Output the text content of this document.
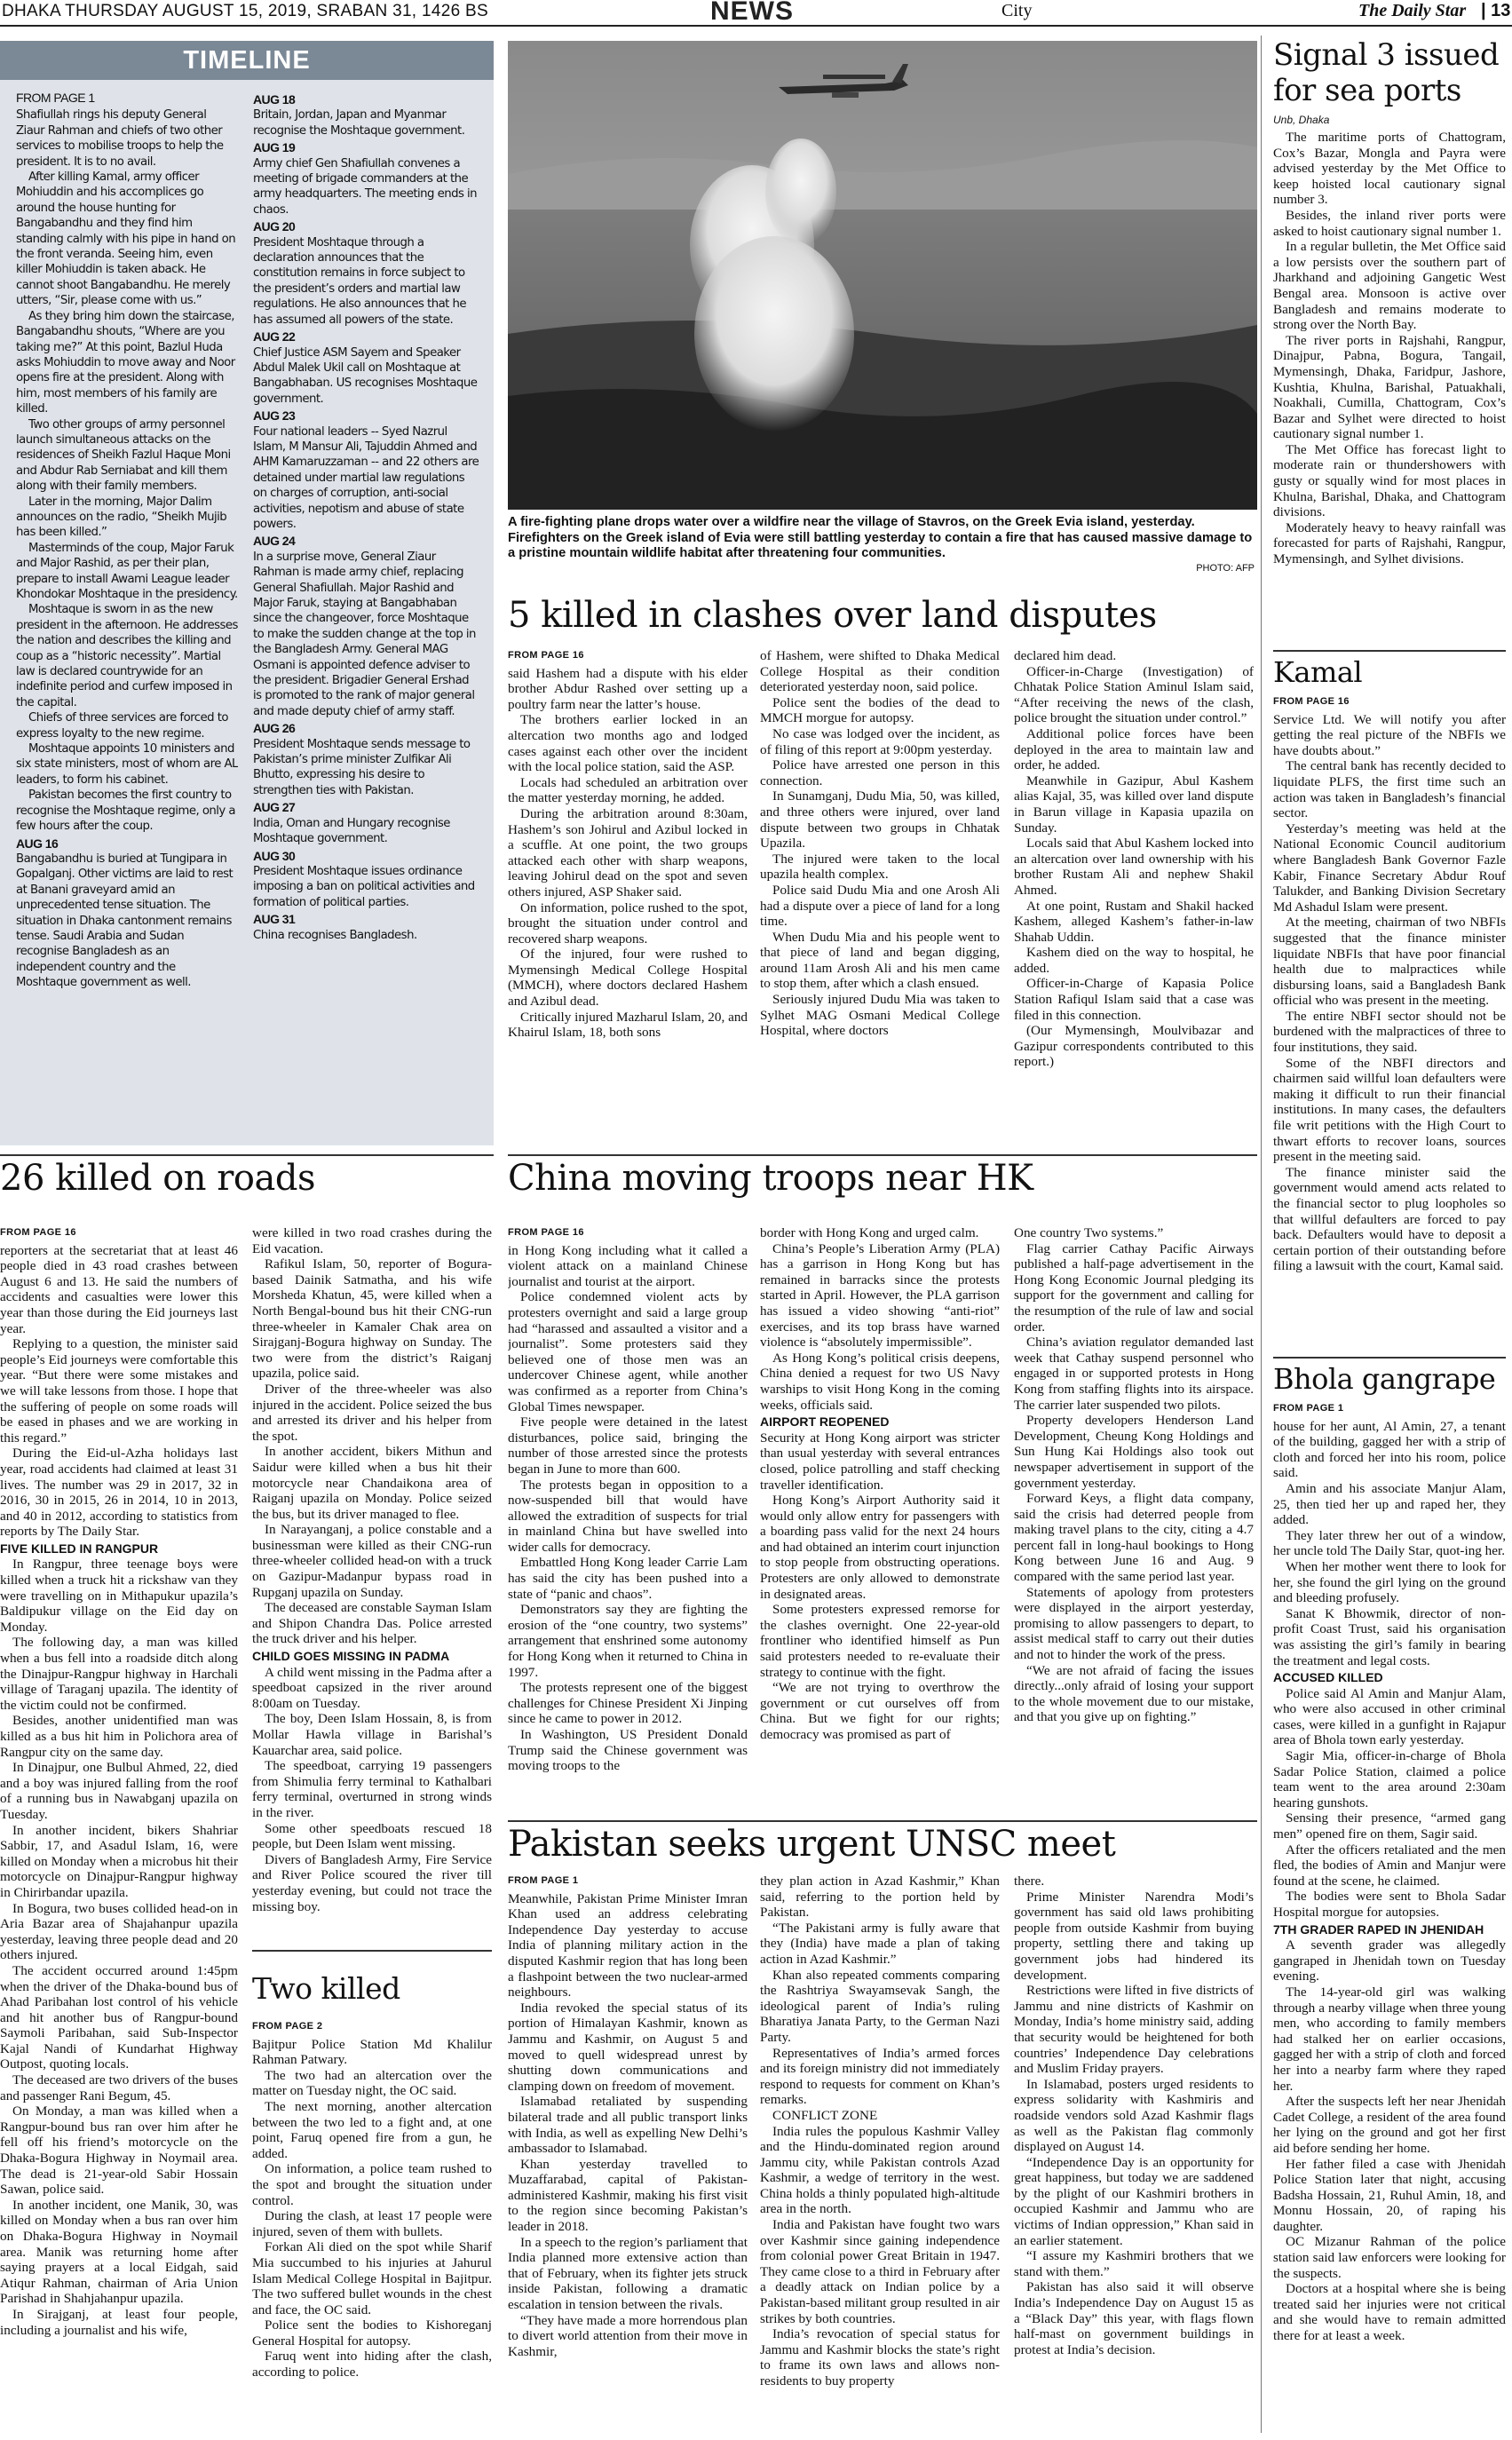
DHAKA THURSDAY AUGUST 15, 2019, SRABAN 31, 1426 BS	NEWS	City	The Daily Star | 13
TIMELINE
FROM PAGE 1
Shafiullah rings his deputy General Ziaur Rahman and chiefs of two other services to mobilise troops to help the president. It is to no avail.
After killing Kamal, army officer Mohiuddin and his accomplices go around the house hunting for Bangabandhu and they find him standing calmly with his pipe in hand on the front veranda. Seeing him, even killer Mohiuddin is taken aback. He cannot shoot Bangabandhu. He merely utters, “Sir, please come with us.”
As they bring him down the staircase, Bangabandhu shouts, “Where are you taking me?” At this point, Bazlul Huda asks Mohiuddin to move away and Noor opens fire at the president. Along with him, most members of his family are killed.
Two other groups of army personnel launch simultaneous attacks on the residences of Sheikh Fazlul Haque Moni and Abdur Rab Serniabat and kill them along with their family members.
Later in the morning, Major Dalim announces on the radio, “Sheikh Mujib has been killed.”
Masterminds of the coup, Major Faruk and Major Rashid, as per their plan, prepare to install Awami League leader Khondokar Moshtaque in the presidency.
Moshtaque is sworn in as the new president in the afternoon. He addresses the nation and describes the killing and coup as a “historic necessity”. Martial law is declared countrywide for an indefinite period and curfew imposed in the capital.
Chiefs of three services are forced to express loyalty to the new regime.
Moshtaque appoints 10 ministers and six state ministers, most of whom are AL leaders, to form his cabinet.
Pakistan becomes the first country to recognise the Moshtaque regime, only a few hours after the coup.
AUG 16
Bangabandhu is buried at Tungipara in Gopalganj. Other victims are laid to rest at Banani graveyard amid an unprecedented tense situation. The situation in Dhaka cantonment remains tense. Saudi Arabia and Sudan recognise Bangladesh as an independent country and the Moshtaque government as well.
AUG 18
Britain, Jordan, Japan and Myanmar recognise the Moshtaque government.
AUG 19
Army chief Gen Shafiullah convenes a meeting of brigade commanders at the army headquarters. The meeting ends in chaos.
AUG 20
President Moshtaque through a declaration announces that the constitution remains in force subject to the president’s orders and martial law regulations. He also announces that he has assumed all powers of the state.
AUG 22
Chief Justice ASM Sayem and Speaker Abdul Malek Ukil call on Moshtaque at Bangabhaban. US recognises Moshtaque government.
AUG 23
Four national leaders -- Syed Nazrul Islam, M Mansur Ali, Tajuddin Ahmed and AHM Kamaruzzaman -- and 22 others are detained under martial law regulations on charges of corruption, anti-social activities, nepotism and abuse of state powers.
AUG 24
In a surprise move, General Ziaur Rahman is made army chief, replacing General Shafiullah. Major Rashid and Major Faruk, staying at Bangabhaban since the changeover, force Moshtaque to make the sudden change at the top in the Bangladesh Army. General MAG Osmani is appointed defence adviser to the president. Brigadier General Ershad is promoted to the rank of major general and made deputy chief of army staff.
AUG 26
President Moshtaque sends message to Pakistan’s prime minister Zulfikar Ali Bhutto, expressing his desire to strengthen ties with Pakistan.
AUG 27
India, Oman and Hungary recognise Moshtaque government.
AUG 30
President Moshtaque issues ordinance imposing a ban on political activities and formation of political parties.
AUG 31
China recognises Bangladesh.
A fire-fighting plane drops water over a wildfire near the village of Stavros, on the Greek Evia island, yesterday. Firefighters on the Greek island of Evia were still battling yesterday to contain a fire that has caused massive damage to a pristine mountain wildlife habitat after threatening four communities.
PHOTO: AFP
Signal 3 issued
for sea ports
Unb, Dhaka
The maritime ports of Chattogram, Cox’s Bazar, Mongla and Payra were advised yesterday by the Met Office to keep hoisted local cautionary signal number 3.
Besides, the inland river ports were asked to hoist cautionary signal number 1.
In a regular bulletin, the Met Office said a low persists over the southern part of Jharkhand and adjoining Gangetic West Bengal area. Monsoon is active over Bangladesh and remains moderate to strong over the North Bay.
The river ports in Rajshahi, Rangpur, Dinajpur, Pabna, Bogura, Tangail, Mymensingh, Dhaka, Faridpur, Jashore, Kushtia, Khulna, Barishal, Patuakhali, Noakhali, Cumilla, Chattogram, Cox’s Bazar and Sylhet were directed to hoist cautionary signal number 1.
The Met Office has forecast light to moderate rain or thundershowers with gusty or squally wind for most places in Khulna, Barishal, Dhaka, and Chattogram divisions.
Moderately heavy to heavy rainfall was forecasted for parts of Rajshahi, Rangpur, Mymensingh, and Sylhet divisions.
Kamal
FROM PAGE 16
Service Ltd. We will notify you after getting the real picture of the NBFIs we have doubts about.”
The central bank has recently decided to liquidate PLFS, the first time such an action was taken in Bangladesh’s financial sector.
Yesterday’s meeting was held at the National Economic Council auditorium where Bangladesh Bank Governor Fazle Kabir, Finance Secretary Abdur Rouf Talukder, and Banking Division Secretary Md Ashadul Islam were present.
At the meeting, chairman of two NBFIs suggested that the finance minister liquidate NBFIs that have poor financial health due to malpractices while disbursing loans, said a Bangladesh Bank official who was present in the meeting.
The entire NBFI sector should not be burdened with the malpractices of three to four institutions, they said.
Some of the NBFI directors and chairmen said willful loan defaulters were making it difficult to run their financial institutions. In many cases, the defaulters file writ petitions with the High Court to thwart efforts to recover loans, sources present in the meeting said.
The finance minister said the government would amend acts related to the financial sector to plug loopholes so that willful defaulters are forced to pay back. Defaulters would have to deposit a certain portion of their outstanding before filing a lawsuit with the court, Kamal said.
Bhola gangrape
FROM PAGE 1
house for her aunt, Al Amin, 27, a tenant of the building, gagged her with a strip of cloth and forced her into his room, police said.
Amin and his associate Manjur Alam, 25, then tied her up and raped her, they added.
They later threw her out of a window, her uncle told The Daily Star, quot-ing her.
When her mother went there to look for her, she found the girl lying on the ground and bleeding profusely.
Sanat K Bhowmik, director of non-profit Coast Trust, said his organisation was assisting the girl’s family in bearing the treatment and legal costs.
ACCUSED KILLED
Police said Al Amin and Manjur Alam, who were also accused in other criminal cases, were killed in a gunfight in Rajapur area of Bhola town early yesterday.
Sagir Mia, officer-in-charge of Bhola Sadar Police Station, claimed a police team went to the area around 2:30am hearing gunshots.
Sensing their presence, “armed gang men” opened fire on them, Sagir said.
After the officers retaliated and the men fled, the bodies of Amin and Manjur were found at the scene, he claimed.
The bodies were sent to Bhola Sadar Hospital morgue for autopsies.
7TH GRADER RAPED IN JHENIDAH
A seventh grader was allegedly gangraped in Jhenidah town on Tuesday evening.
The 14-year-old girl was walking through a nearby village when three young men, who according to family members had stalked her on earlier occasions, gagged her with a strip of cloth and forced her into a nearby farm where they raped her.
After the suspects left her near Jhenidah Cadet College, a resident of the area found her lying on the ground and got her first aid before sending her home.
Her father filed a case with Jhenidah Police Station later that night, accusing Badsha Hossain, 21, Ruhul Amin, 18, and Monnu Hossain, 20, of raping his daughter.
OC Mizanur Rahman of the police station said law enforcers were looking for the suspects.
Doctors at a hospital where she is being treated said her injuries were not critical and she would have to remain admitted there for at least a week.
5 killed in clashes over land disputes
FROM PAGE 16
said Hashem had a dispute with his elder brother Abdur Rashed over setting up a poultry farm near the latter’s house.
The brothers earlier locked in an altercation two months ago and lodged cases against each other over the incident with the local police station, said the ASP.
Locals had scheduled an arbitration over the matter yesterday morning, he added.
During the arbitration around 8:30am, Hashem’s son Johirul and Azibul locked in a scuffle. At one point, the two groups attacked each other with sharp weapons, leaving Johirul dead on the spot and seven others injured, ASP Shaker said.
On information, police rushed to the spot, brought the situation under control and recovered sharp weapons.
Of the injured, four were rushed to Mymensingh Medical College Hospital (MMCH), where doctors declared Hashem and Azibul dead.
Critically injured Mazharul Islam, 20, and Khairul Islam, 18, both sons
of Hashem, were shifted to Dhaka Medical College Hospital as their condition deteriorated yesterday noon, said police.
Police sent the bodies of the dead to MMCH morgue for autopsy.
No case was lodged over the incident, as of filing of this report at 9:00pm yesterday.
Police have arrested one person in this connection.
In Sunamganj, Dudu Mia, 50, was killed, and three others were injured, over land dispute between two groups in Chhatak Upazila.
The injured were taken to the local upazila health complex.
Police said Dudu Mia and one Arosh Ali had a dispute over a piece of land for a long time.
When Dudu Mia and his people went to that piece of land and began digging, around 11am Arosh Ali and his men came to stop them, after which a clash ensued.
Seriously injured Dudu Mia was taken to Sylhet MAG Osmani Medical College Hospital, where doctors
declared him dead.
Officer-in-Charge (Investigation) of Chhatak Police Station Aminul Islam said, “After receiving the news of the clash, police brought the situation under control.”
Additional police forces have been deployed in the area to maintain law and order, he added.
Meanwhile in Gazipur, Abul Kashem alias Kajal, 35, was killed over land dispute in Barun village in Kapasia upazila on Sunday.
Locals said that Abul Kashem locked into an altercation over land ownership with his brother Rustam Ali and nephew Shakil Ahmed.
At one point, Rustam and Shakil hacked Kashem, alleged Kashem’s father-in-law Shahab Uddin.
Kashem died on the way to hospital, he added.
Officer-in-Charge of Kapasia Police Station Rafiqul Islam said that a case was filed in this connection.
(Our Mymensingh, Moulvibazar and Gazipur correspondents contributed to this report.)
26 killed on roads
FROM PAGE 16
reporters at the secretariat that at least 46 people died in 43 road crashes between August 6 and 13. He said the numbers of accidents and casualties were lower this year than those during the Eid journeys last year.
Replying to a question, the minister said people’s Eid journeys were comfortable this year. “But there were some mistakes and we will take lessons from those. I hope that the suffering of people on some roads will be eased in phases and we are working in this regard.”
During the Eid-ul-Azha holidays last year, road accidents had claimed at least 31 lives. The number was 29 in 2017, 32 in 2016, 30 in 2015, 26 in 2014, 10 in 2013, and 40 in 2012, according to statistics from reports by The Daily Star.
FIVE KILLED IN RANGPUR
In Rangpur, three teenage boys were killed when a truck hit a rickshaw van they were travelling on in Mithapukur upazila’s Baldipukur village on the Eid day on Monday.
The following day, a man was killed when a bus fell into a roadside ditch along the Dinajpur-Rangpur highway in Harchali village of Taraganj upazila. The identity of the victim could not be confirmed.
Besides, another unidentified man was killed as a bus hit him in Polichora area of Rangpur city on the same day.
In Dinajpur, one Bulbul Ahmed, 22, died and a boy was injured falling from the roof of a running bus in Nawabganj upazila on Tuesday.
In another incident, bikers Shahriar Sabbir, 17, and Asadul Islam, 16, were killed on Monday when a microbus hit their motorcycle on Dinajpur-Rangpur highway in Chirirbandar upazila.
In Bogura, two buses collided head-on in Aria Bazar area of Shajahanpur upazila yesterday, leaving three people dead and 20 others injured.
The accident occurred around 1:45pm when the driver of the Dhaka-bound bus of Ahad Paribahan lost control of his vehicle and hit another bus of Rangpur-bound Saymoli Paribahan, said Sub-Inspector Kajal Nandi of Kundarhat Highway Outpost, quoting locals.
The deceased are two drivers of the buses and passenger Rani Begum, 45.
On Monday, a man was killed when a Rangpur-bound bus ran over him after he fell off his friend’s motorcycle on the Dhaka-Bogura Highway in Noymail area. The dead is 21-year-old Sabir Hossain Sawan, police said.
In another incident, one Manik, 30, was killed on Monday when a bus ran over him on Dhaka-Bogura Highway in Noymail area. Manik was returning home after saying prayers at a local Eidgah, said Atiqur Rahman, chairman of Aria Union Parishad in Shahjahanpur upazila.
In Sirajganj, at least four people, including a journalist and his wife,
were killed in two road crashes during the Eid vacation.
Rafikul Islam, 50, reporter of Bogura-based Dainik Satmatha, and his wife Morsheda Khatun, 45, were killed when a North Bengal-bound bus hit their CNG-run three-wheeler in Kamaler Chak area on Sirajganj-Bogura highway on Sunday. The two were from the district’s Raiganj upazila, police said.
Driver of the three-wheeler was also injured in the accident. Police seized the bus and arrested its driver and his helper from the spot.
In another accident, bikers Mithun and Saidur were killed when a bus hit their motorcycle near Chandaikona area of Raiganj upazila on Monday. Police seized the bus, but its driver managed to flee.
In Narayanganj, a police constable and a businessman were killed as their CNG-run three-wheeler collided head-on with a truck on Gazipur-Madanpur bypass road in Rupganj upazila on Sunday.
The deceased are constable Sayman Islam and Shipon Chandra Das. Police arrested the truck driver and his helper.
CHILD GOES MISSING IN PADMA
A child went missing in the Padma after a speedboat capsized in the river around 8:00am on Tuesday.
The boy, Deen Islam Hossain, 8, is from Mollar Hawla village in Barishal’s Kauarchar area, said police.
The speedboat, carrying 19 passengers from Shimulia ferry terminal to Kathalbari ferry terminal, overturned in strong winds in the river.
Some other speedboats rescued 18 people, but Deen Islam went missing.
Divers of Bangladesh Army, Fire Service and River Police scoured the river till yesterday evening, but could not trace the missing boy.
Two killed
FROM PAGE 2
Bajitpur Police Station Md Khalilur Rahman Patwary.
The two had an altercation over the matter on Tuesday night, the OC said.
The next morning, another altercation between the two led to a fight and, at one point, Faruq opened fire from a gun, he added.
On information, a police team rushed to the spot and brought the situation under control.
During the clash, at least 17 people were injured, seven of them with bullets.
Forkan Ali died on the spot while Sharif Mia succumbed to his injuries at Jahurul Islam Medical College Hospital in Bajitpur. The two suffered bullet wounds in the chest and face, the OC said.
Police sent the bodies to Kishoreganj General Hospital for autopsy.
Faruq went into hiding after the clash, according to police.
China moving troops near HK
FROM PAGE 16
in Hong Kong including what it called a violent attack on a mainland Chinese journalist and tourist at the airport.
Police condemned violent acts by protesters overnight and said a large group had “harassed and assaulted a visitor and a journalist”. Some protesters said they believed one of those men was an undercover Chinese agent, while another was confirmed as a reporter from China’s Global Times newspaper.
Five people were detained in the latest disturbances, police said, bringing the number of those arrested since the protests began in June to more than 600.
The protests began in opposition to a now-suspended bill that would have allowed the extradition of suspects for trial in mainland China but have swelled into wider calls for democracy.
Embattled Hong Kong leader Carrie Lam has said the city has been pushed into a state of “panic and chaos”.
Demonstrators say they are fighting the erosion of the “one country, two systems” arrangement that enshrined some autonomy for Hong Kong when it returned to China in 1997.
The protests represent one of the biggest challenges for Chinese President Xi Jinping since he came to power in 2012.
In Washington, US President Donald Trump said the Chinese government was moving troops to the
border with Hong Kong and urged calm.
China’s People’s Liberation Army (PLA) has a garrison in Hong Kong but has remained in barracks since the protests started in April. However, the PLA garrison has issued a video showing “anti-riot” exercises, and its top brass have warned violence is “absolutely impermissible”.
As Hong Kong’s political crisis deepens, China denied a request for two US Navy warships to visit Hong Kong in the coming weeks, officials said.
AIRPORT REOPENED
Security at Hong Kong airport was stricter than usual yesterday with several entrances closed, police patrolling and staff checking traveller identification.
Hong Kong’s Airport Authority said it would only allow entry for passengers with a boarding pass valid for the next 24 hours and had obtained an interim court injunction to stop people from obstructing operations. Protesters are only allowed to demonstrate in designated areas.
Some protesters expressed remorse for the clashes overnight. One 22-year-old frontliner who identified himself as Pun said protesters needed to re-evaluate their strategy to continue with the fight.
“We are not trying to overthrow the government or cut ourselves off from China. But we fight for our rights; democracy was promised as part of
One country Two systems.”
Flag carrier Cathay Pacific Airways published a half-page advertisement in the Hong Kong Economic Journal pledging its support for the government and calling for the resumption of the rule of law and social order.
China’s aviation regulator demanded last week that Cathay suspend personnel who engaged in or supported protests in Hong Kong from staffing flights into its airspace. The carrier later suspended two pilots.
Property developers Henderson Land Development, Cheung Kong Holdings and Sun Hung Kai Holdings also took out newspaper advertisement in support of the government yesterday.
Forward Keys, a flight data company, said the crisis had deterred people from making travel plans to the city, citing a 4.7 percent fall in long-haul bookings to Hong Kong between June 16 and Aug. 9 compared with the same period last year.
Statements of apology from protesters were displayed in the airport yesterday, promising to allow passengers to depart, to assist medical staff to carry out their duties and not to hinder the work of the press.
“We are not afraid of facing the issues directly...only afraid of losing your support to the whole movement due to our mistake, and that you give up on fighting.”
Pakistan seeks urgent UNSC meet
FROM PAGE 1
Meanwhile, Pakistan Prime Minister Imran Khan used an address celebrating Independence Day yesterday to accuse India of planning military action in the disputed Kashmir region that has long been a flashpoint between the two nuclear-armed neighbours.
India revoked the special status of its portion of Himalayan Kashmir, known as Jammu and Kashmir, on August 5 and moved to quell widespread unrest by shutting down communications and clamping down on freedom of movement.
Islamabad retaliated by suspending bilateral trade and all public transport links with India, as well as expelling New Delhi’s ambassador to Islamabad.
Khan yesterday travelled to Muzaffarabad, capital of Pakistan-administered Kashmir, making his first visit to the region since becoming Pakistan’s leader in 2018.
In a speech to the region’s parliament that India planned more extensive action than that of February, when its fighter jets struck inside Pakistan, following a dramatic escalation in tension between the rivals.
“They have made a more horrendous plan to divert world attention from their move in Kashmir,
they plan action in Azad Kashmir,” Khan said, referring to the portion held by Pakistan.
“The Pakistani army is fully aware that they (India) have made a plan of taking action in Azad Kashmir.”
Khan also repeated comments comparing the Rashtriya Swayamsevak Sangh, the ideological parent of India’s ruling Bharatiya Janata Party, to the German Nazi Party.
Representatives of India’s armed forces and its foreign ministry did not immediately respond to requests for comment on Khan’s remarks.
CONFLICT ZONE
India rules the populous Kashmir Valley and the Hindu-dominated region around Jammu city, while Pakistan controls Azad Kashmir, a wedge of territory in the west. China holds a thinly populated high-altitude area in the north.
India and Pakistan have fought two wars over Kashmir since gaining independence from colonial power Great Britain in 1947. They came close to a third in February after a deadly attack on Indian police by a Pakistan-based militant group resulted in air strikes by both countries.
India’s revocation of special status for Jammu and Kashmir blocks the state’s right to frame its own laws and allows non-residents to buy property
there.
Prime Minister Narendra Modi’s government has said old laws prohibiting people from outside Kashmir from buying property, settling there and taking up government jobs had hindered its development.
Restrictions were lifted in five districts of Jammu and nine districts of Kashmir on Monday, India’s home ministry said, adding that security would be heightened for both countries’ Independence Day celebrations and Muslim Friday prayers.
In Islamabad, posters urged residents to express solidarity with Kashmiris and roadside vendors sold Azad Kashmir flags as well as the Pakistan flag commonly displayed on August 14.
“Independence Day is an opportunity for great happiness, but today we are saddened by the plight of our Kashmiri brothers in occupied Kashmir and Jammu who are victims of Indian oppression,” Khan said in an earlier statement.
“I assure my Kashmiri brothers that we stand with them.”
Pakistan has also said it will observe India’s Independence Day on August 15 as a “Black Day” this year, with flags flown half-mast on government buildings in protest at India’s decision.
